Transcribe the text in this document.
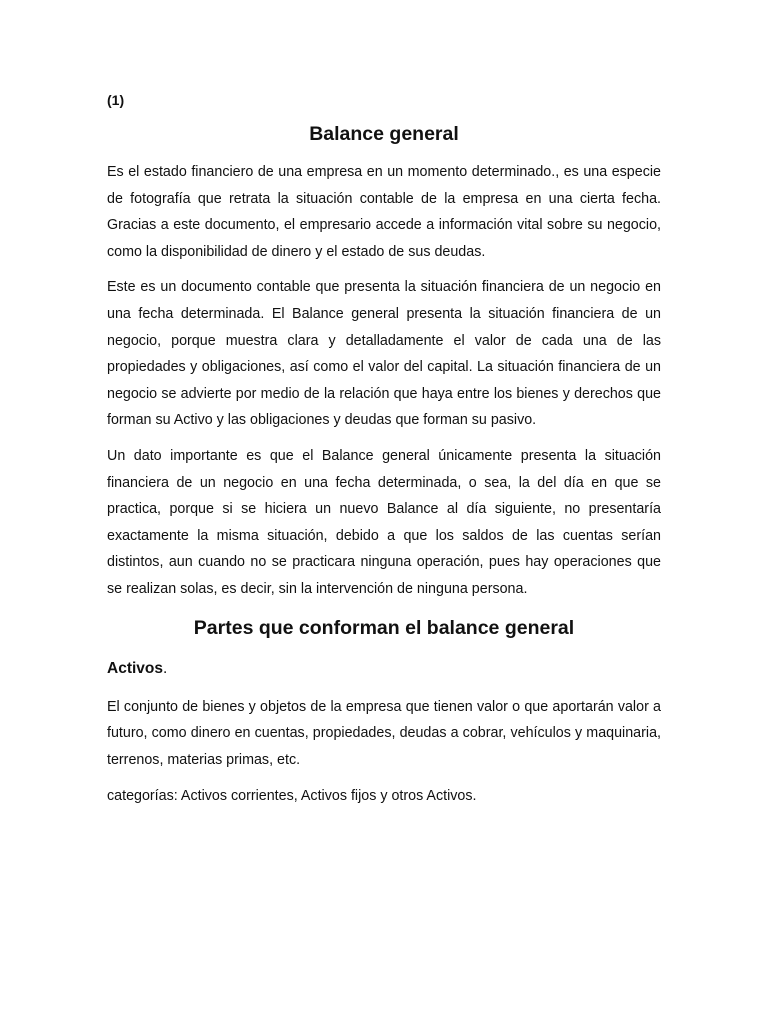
(1)

Balance general

Es el estado financiero de una empresa en un momento determinado., es una especie de fotografía que retrata la situación contable de la empresa en una cierta fecha. Gracias a este documento, el empresario accede a información vital sobre su negocio, como la disponibilidad de dinero y el estado de sus deudas.

Este es un documento contable que presenta la situación financiera de un negocio en una fecha determinada. El Balance general presenta la situación financiera de un negocio, porque muestra clara y detalladamente el valor de cada una de las propiedades y obligaciones, así como el valor del capital. La situación financiera de un negocio se advierte por medio de la relación que haya entre los bienes y derechos que forman su Activo y las obligaciones y deudas que forman su pasivo.

Un dato importante es que el Balance general únicamente presenta la situación financiera de un negocio en una fecha determinada, o sea, la del día en que se practica, porque si se hiciera un nuevo Balance al día siguiente, no presentaría exactamente la misma situación, debido a que los saldos de las cuentas serían distintos, aun cuando no se practicara ninguna operación, pues hay operaciones que se realizan solas, es decir, sin la intervención de ninguna persona.

Partes que conforman el balance general

Activos.

El conjunto de bienes y objetos de la empresa que tienen valor o que aportarán valor a futuro, como dinero en cuentas, propiedades, deudas a cobrar, vehículos y maquinaria, terrenos, materias primas, etc.

categorías: Activos corrientes, Activos fijos y otros Activos.
